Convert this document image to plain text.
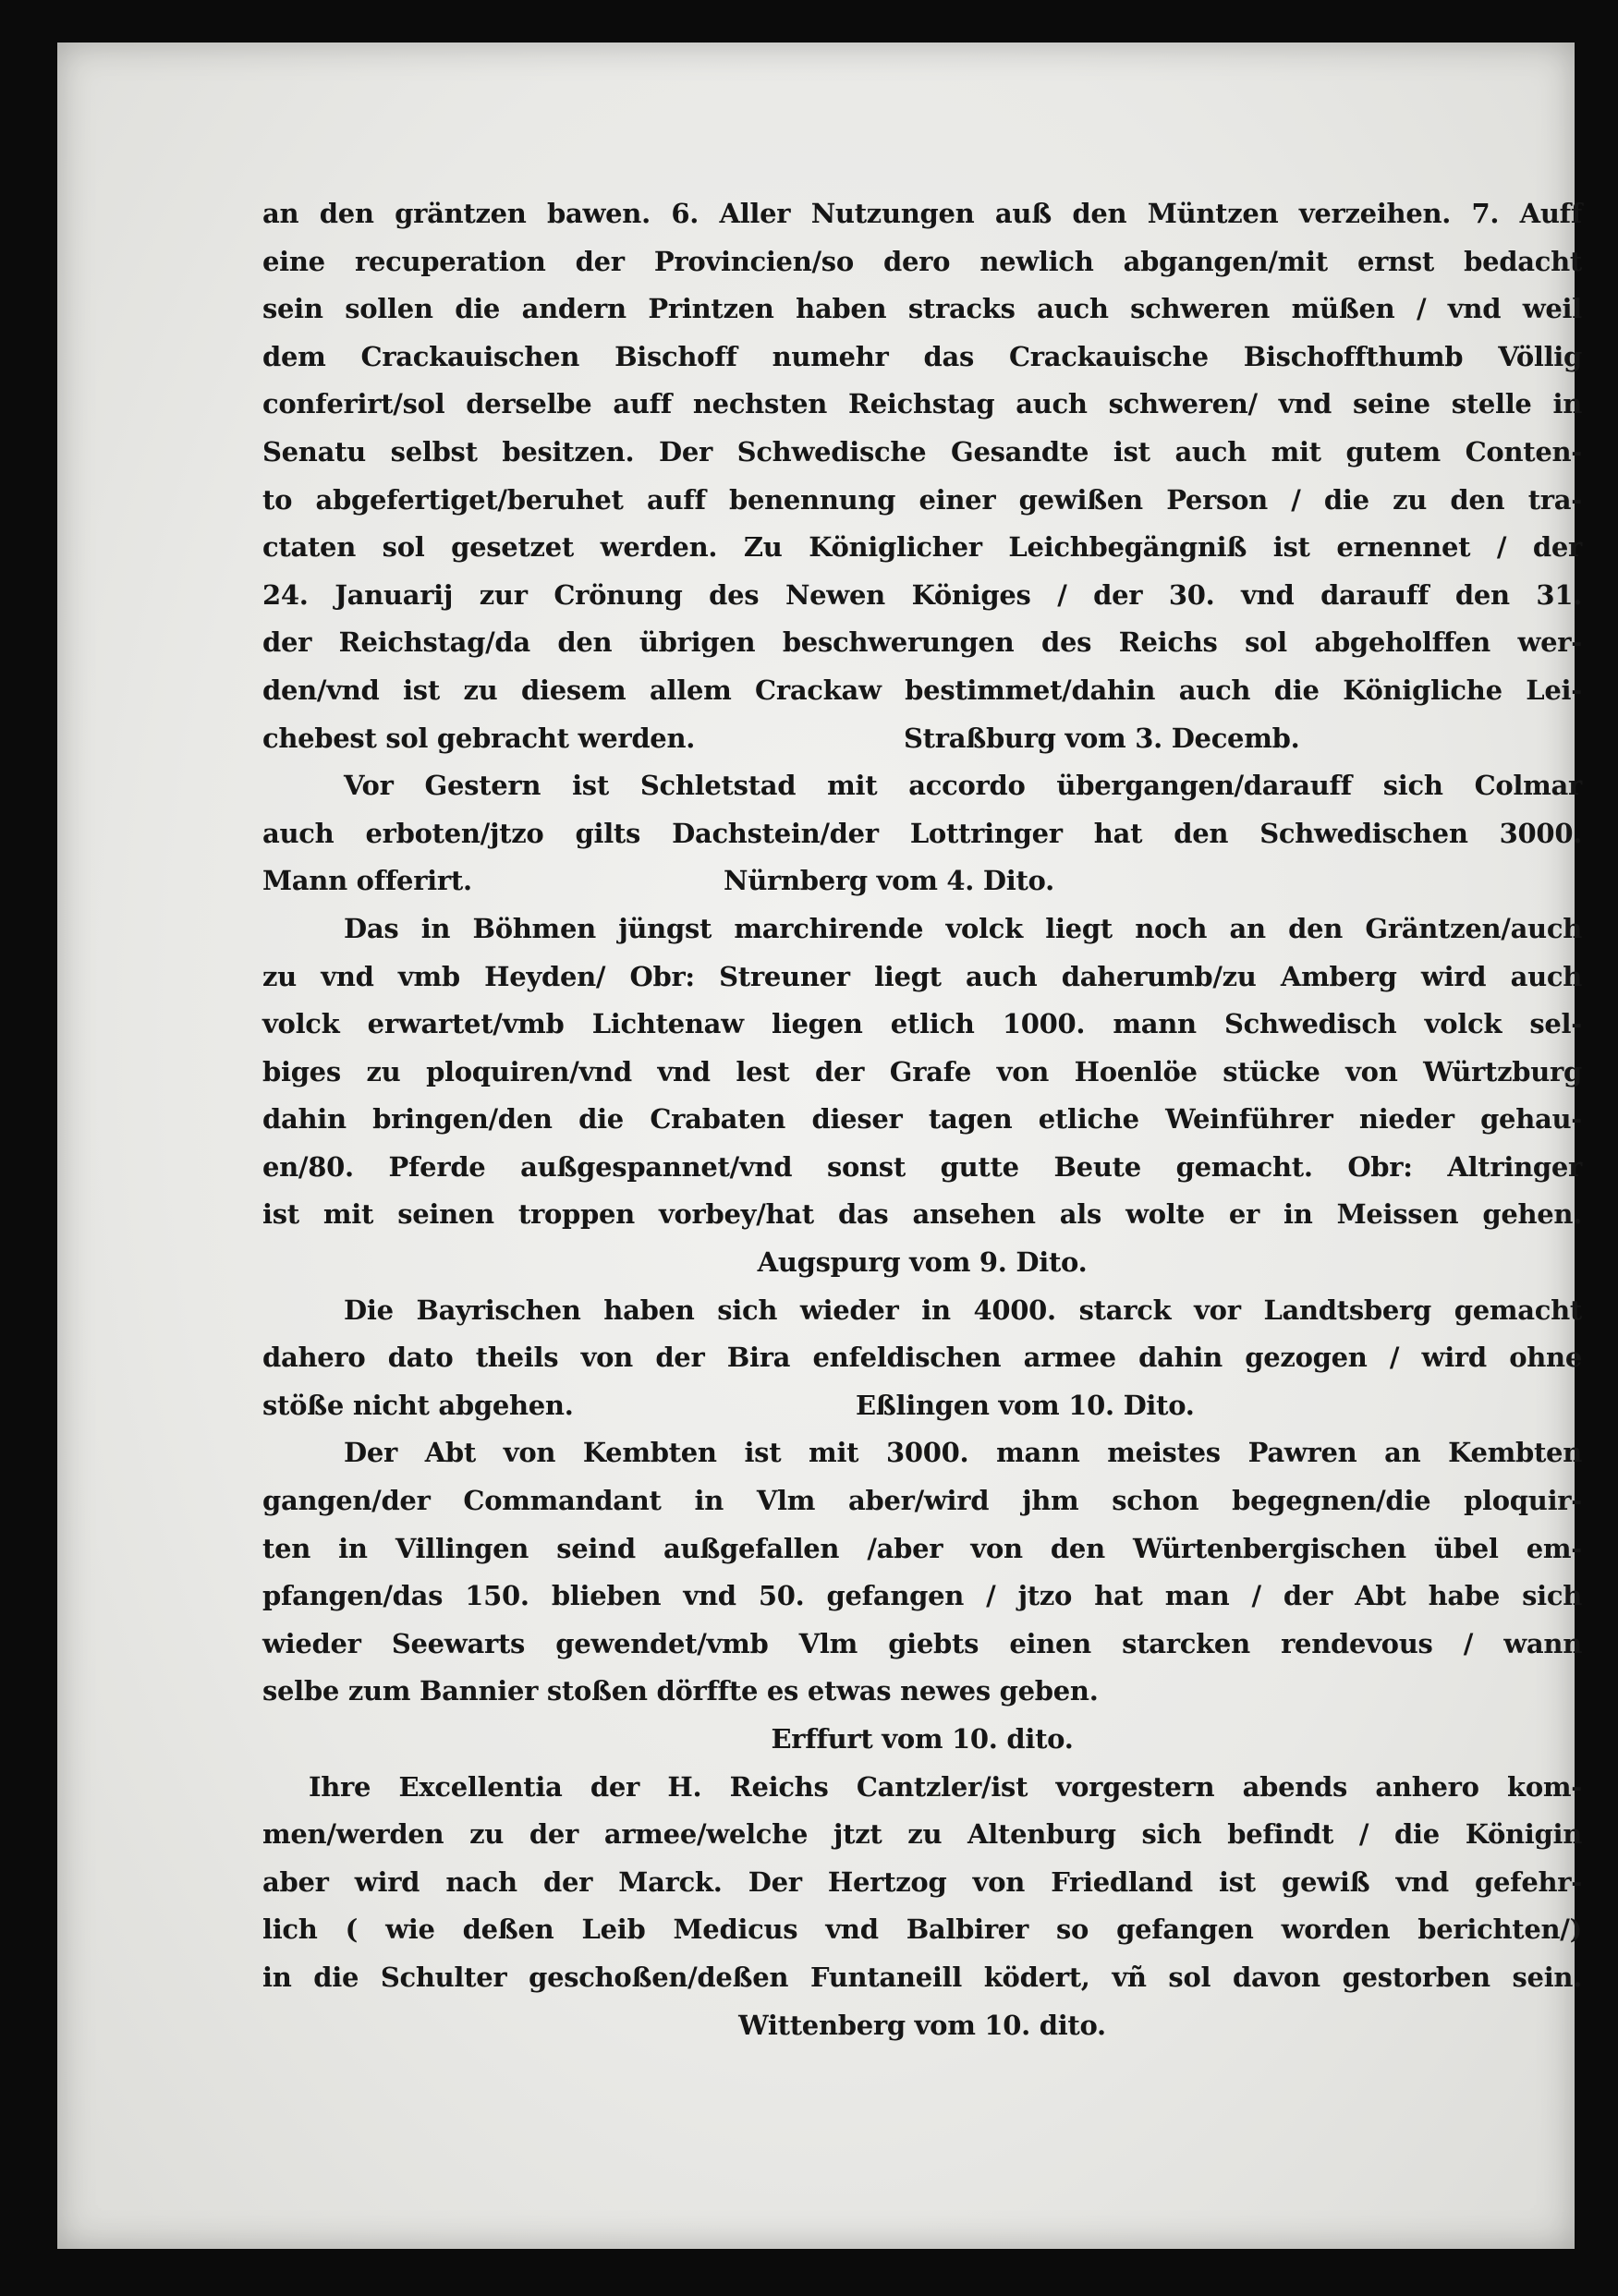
an den gräntzen bawen. 6. Aller Nutzungen auß den Müntzen verzeihen. 7. Auff
eine recuperation der Provincien/so dero newlich abgangen/mit ernst bedacht
sein sollen die andern Printzen haben stracks auch schweren müßen / vnd weil
dem Crackauischen Bischoff numehr das Crackauische Bischoffthumb Völlig
conferirt/sol derselbe auff nechsten Reichstag auch schweren/ vnd seine stelle in
Senatu selbst besitzen. Der Schwedische Gesandte ist auch mit gutem Conten-
to abgefertiget/beruhet auff benennung einer gewißen Person / die zu den tra-
ctaten sol gesetzet werden. Zu Königlicher Leichbegängniß ist ernennet / der
24. Januarij zur Crönung des Newen Königes / der 30. vnd darauff den 31.
der Reichstag/da den übrigen beschwerungen des Reichs sol abgeholffen wer-
den/vnd ist zu diesem allem Crackaw bestimmet/dahin auch die Königliche Lei-
chebest sol gebracht werden.	Straßburg vom 3. Decemb.
Vor Gestern ist Schletstad mit accordo übergangen/darauff sich Colmar
auch erboten/jtzo gilts Dachstein/der Lottringer hat den Schwedischen 3000.
Mann offerirt.	Nürnberg vom 4. Dito.
Das in Böhmen jüngst marchirende volck liegt noch an den Gräntzen/auch
zu vnd vmb Heyden/ Obr: Streuner liegt auch daherumb/zu Amberg wird auch
volck erwartet/vmb Lichtenaw liegen etlich 1000. mann Schwedisch volck sel-
biges zu ploquiren/vnd vnd lest der Grafe von Hoenlöe stücke von Würtzburg
dahin bringen/den die Crabaten dieser tagen etliche Weinführer nieder gehau-
en/80. Pferde außgespannet/vnd sonst gutte Beute gemacht. Obr: Altringer
ist mit seinen troppen vorbey/hat das ansehen als wolte er in Meissen gehen.
Augspurg vom 9. Dito.
Die Bayrischen haben sich wieder in 4000. starck vor Landtsberg gemacht
dahero dato theils von der Bira enfeldischen armee dahin gezogen / wird ohne
stöße nicht abgehen.	Eßlingen vom 10. Dito.
Der Abt von Kembten ist mit 3000. mann meistes Pawren an Kembten
gangen/der Commandant in Vlm aber/wird jhm schon begegnen/die ploquir-
ten in Villingen seind außgefallen /aber von den Würtenbergischen übel em-
pfangen/das 150. blieben vnd 50. gefangen / jtzo hat man / der Abt habe sich
wieder Seewarts gewendet/vmb Vlm giebts einen starcken rendevous / wann
selbe zum Bannier stoßen dörffte es etwas newes geben.
Erffurt vom 10. dito.
Ihre Excellentia der H. Reichs Cantzler/ist vorgestern abends anhero kom-
men/werden zu der armee/welche jtzt zu Altenburg sich befindt / die Königin
aber wird nach der Marck. Der Hertzog von Friedland ist gewiß vnd gefehr-
lich ( wie deßen Leib Medicus vnd Balbirer so gefangen worden berichten/)
in die Schulter geschoßen/deßen Funtaneill ködert, vñ sol davon gestorben sein.
Wittenberg vom 10. dito.
